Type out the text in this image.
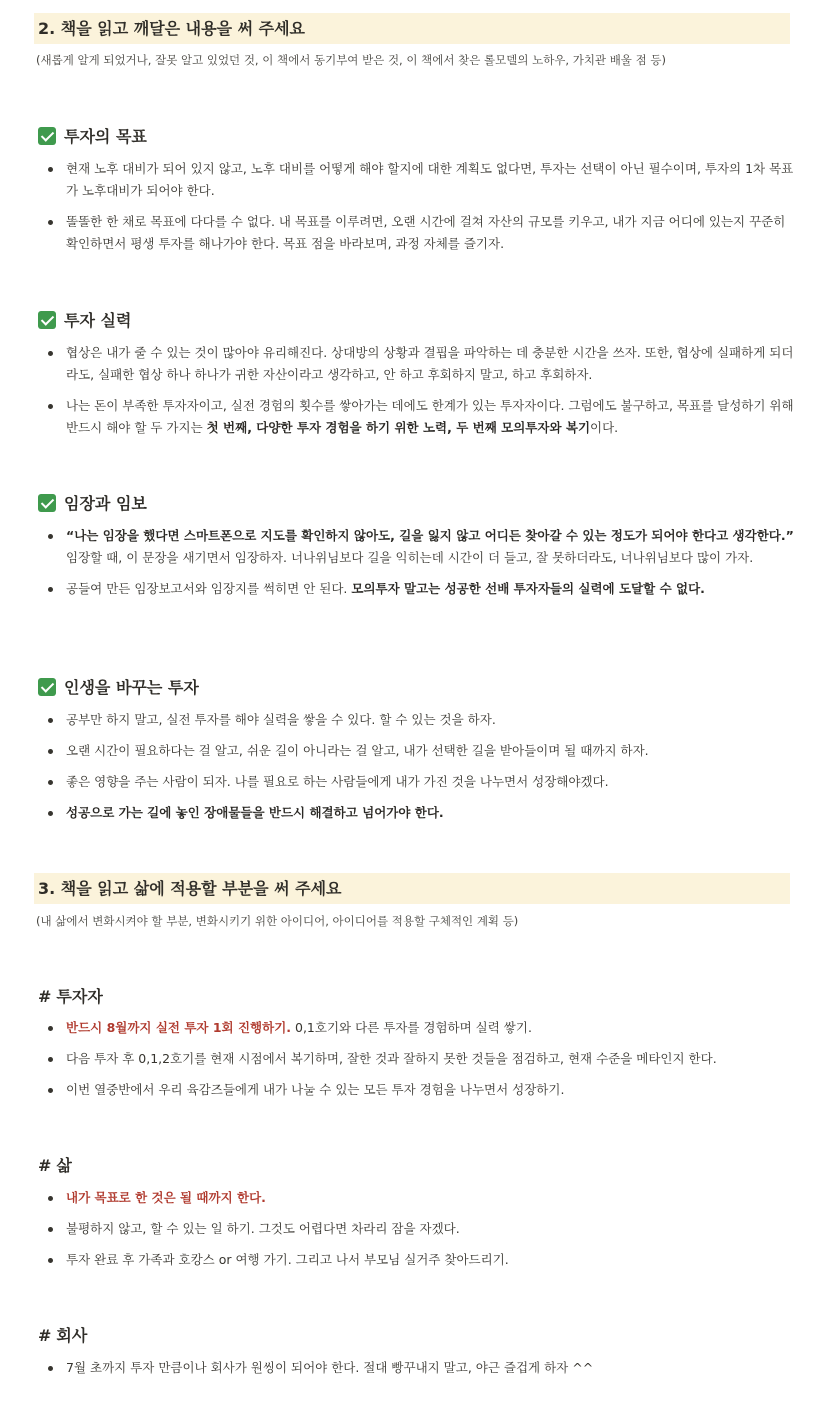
2. 책을 읽고 깨달은 내용을 써 주세요
(새롭게 알게 되었거나, 잘못 알고 있었던 것, 이 책에서 동기부여 받은 것, 이 책에서 찾은 롤모델의 노하우, 가치관 배울 점 등)
투자의 목표
현재 노후 대비가 되어 있지 않고, 노후 대비를 어떻게 해야 할지에 대한 계획도 없다면, 투자는 선택이 아닌 필수이며, 투자의 1차 목표가 노후대비가 되어야 한다.
똘똘한 한 채로 목표에 다다를 수 없다. 내 목표를 이루려면, 오랜 시간에 걸쳐 자산의 규모를 키우고, 내가 지금 어디에 있는지 꾸준히 확인하면서 평생 투자를 해나가야 한다. 목표 점을 바라보며, 과정 자체를 즐기자.
투자 실력
협상은 내가 줄 수 있는 것이 많아야 유리해진다. 상대방의 상황과 결핍을 파악하는 데 충분한 시간을 쓰자. 또한, 협상에 실패하게 되더라도, 실패한 협상 하나 하나가 귀한 자산이라고 생각하고, 안 하고 후회하지 말고, 하고 후회하자.
나는 돈이 부족한 투자자이고, 실전 경험의 횟수를 쌓아가는 데에도 한계가 있는 투자자이다. 그럼에도 불구하고, 목표를 달성하기 위해 반드시 해야 할 두 가지는 첫 번째, 다양한 투자 경험을 하기 위한 노력, 두 번째 모의투자와 복기이다.
임장과 임보
“나는 임장을 했다면 스마트폰으로 지도를 확인하지 않아도, 길을 잃지 않고 어디든 찾아갈 수 있는 정도가 되어야 한다고 생각한다.” 임장할 때, 이 문장을 새기면서 임장하자. 너나위님보다 길을 익히는데 시간이 더 들고, 잘 못하더라도, 너나위님보다 많이 가자.
공들여 만든 임장보고서와 임장지를 썩히면 안 된다. 모의투자 말고는 성공한 선배 투자자들의 실력에 도달할 수 없다.
인생을 바꾸는 투자
공부만 하지 말고, 실전 투자를 해야 실력을 쌓을 수 있다. 할 수 있는 것을 하자.
오랜 시간이 필요하다는 걸 알고, 쉬운 길이 아니라는 걸 알고, 내가 선택한 길을 받아들이며 될 때까지 하자.
좋은 영향을 주는 사람이 되자. 나를 필요로 하는 사람들에게 내가 가진 것을 나누면서 성장해야겠다.
성공으로 가는 길에 놓인 장애물들을 반드시 해결하고 넘어가야 한다.
3. 책을 읽고 삶에 적용할 부분을 써 주세요
(내 삶에서 변화시켜야 할 부분, 변화시키기 위한 아이디어, 아이디어를 적용할 구체적인 계획 등)
# 투자자
반드시 8월까지 실전 투자 1회 진행하기. 0,1호기와 다른 투자를 경험하며 실력 쌓기.
다음 투자 후 0,1,2호기를 현재 시점에서 복기하며, 잘한 것과 잘하지 못한 것들을 점검하고, 현재 수준을 메타인지 한다.
이번 열중반에서 우리 육감즈들에게 내가 나눌 수 있는 모든 투자 경험을 나누면서 성장하기.
# 삶
내가 목표로 한 것은 될 때까지 한다.
불평하지 않고, 할 수 있는 일 하기. 그것도 어렵다면 차라리 잠을 자겠다.
투자 완료 후 가족과 호캉스 or 여행 가기. 그리고 나서 부모님 실거주 찾아드리기.
# 회사
7월 초까지 투자 만큼이나 회사가 원씽이 되어야 한다. 절대 빵꾸내지 말고, 야근 즐겁게 하자 ^^
